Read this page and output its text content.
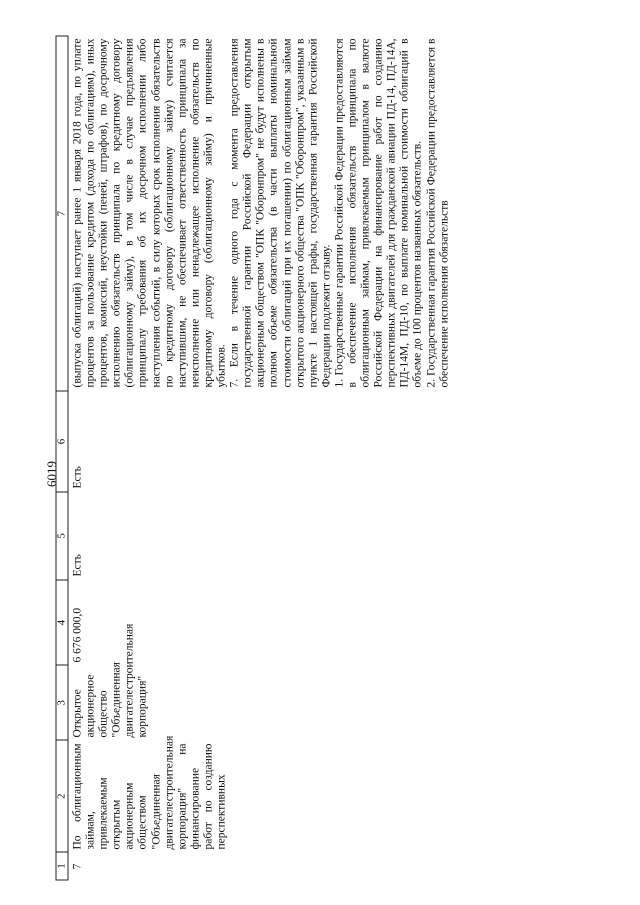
6019
1
2
3
4
5
6
7
7
По облигационным займам, привлекаемым открытым акционерным обществом "Объединенная двигателестроительная корпорация" на финансирование работ по созданию перспективных
Открытое акционерное общество "Объединенная двигателестроительная корпорация"
6 676 000,0
Есть
Есть

(выпуска облигаций) наступает ранее 1 января 2018 года, по уплате процентов за пользование кредитом (дохода по облигациям), иных процентов, комиссий, неустойки (пеней, штрафов), по досрочному исполнению обязательств принципала по кредитному договору (облигационному займу), в том числе в случае предъявления принципалу требования об их досрочном исполнении либо наступления событий, в силу которых срок исполнения обязательств по кредитному договору (облигационному займу) считается наступившим, не обеспечивает ответственность принципала за неисполнение или ненадлежащее исполнение обязательств по кредитному договору (облигационному займу) и причиненные убытков. 7. Если в течение одного года с момента предоставления государственной гарантии Российской Федерации открытым акционерным обществом "ОПК "Оборонпром" не будут исполнены в полном объеме обязательства (в части выплаты номинальной стоимости облигаций при их погашении) по облигационным займам открытого акционерного общества "ОПК "Оборонпром", указанным в пункте 1 настоящей графы, государственная гарантия Российской Федерации подлежит отзыву. 1. Государственные гарантии Российской Федерации предоставляются в обеспечение исполнения обязательств принципала по облигационным займам, привлекаемым принципалом в валюте Российской Федерации на финансирование работ по созданию перспективных двигателей для гражданской авиации ПД-14, ПД-14А, ПД-14М, ПД-10, по выплате номинальной стоимости облигаций в объеме до 100 процентов названных обязательств. 2. Государственная гарантия Российской Федерации предоставляется в обеспечение исполнения обязательств
